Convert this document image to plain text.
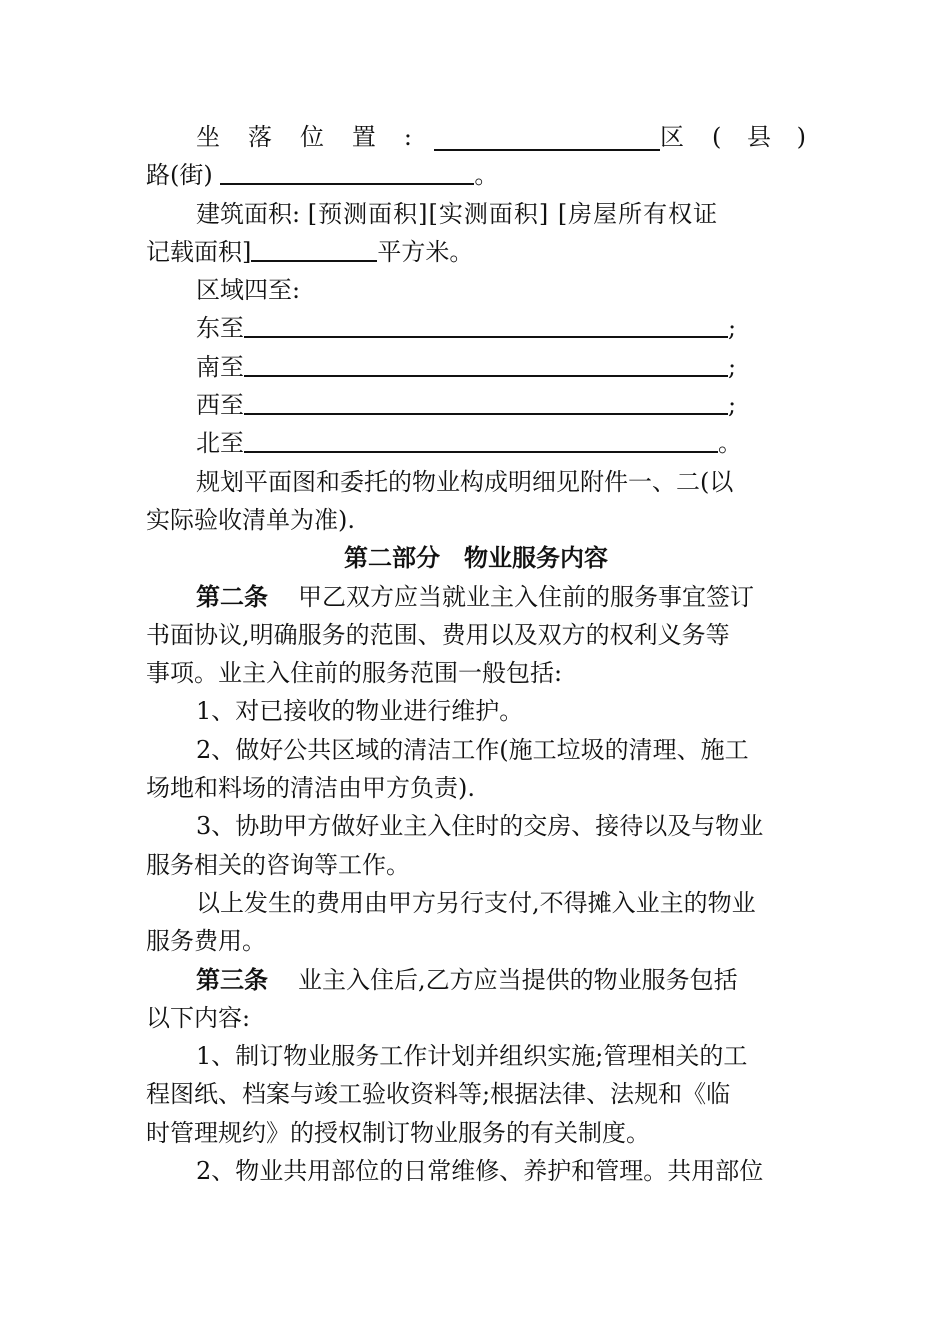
坐 落 位 置 :	区 ( 县 )
路(街)	。
建筑面积: [预测面积][实测面积] [房屋所有权证
记载面积]	平方米。
区域四至:
东至	;
南至	;
西至	;
北至	。
规划平面图和委托的物业构成明细见附件一、二(以
实际验收清单为准).
第二部分　物业服务内容
第二条 甲乙双方应当就业主入住前的服务事宜签订
书面协议,明确服务的范围、费用以及双方的权利义务等
事项。业主入住前的服务范围一般包括:
1、对已接收的物业进行维护。
2、做好公共区域的清洁工作(施工垃圾的清理、施工
场地和料场的清洁由甲方负责).
3、协助甲方做好业主入住时的交房、接待以及与物业
服务相关的咨询等工作。
以上发生的费用由甲方另行支付,不得摊入业主的物业
服务费用。
第三条 业主入住后,乙方应当提供的物业服务包括
以下内容:
1、制订物业服务工作计划并组织实施;管理相关的工
程图纸、档案与竣工验收资料等;根据法律、法规和《临
时管理规约》的授权制订物业服务的有关制度。
2、物业共用部位的日常维修、养护和管理。共用部位
